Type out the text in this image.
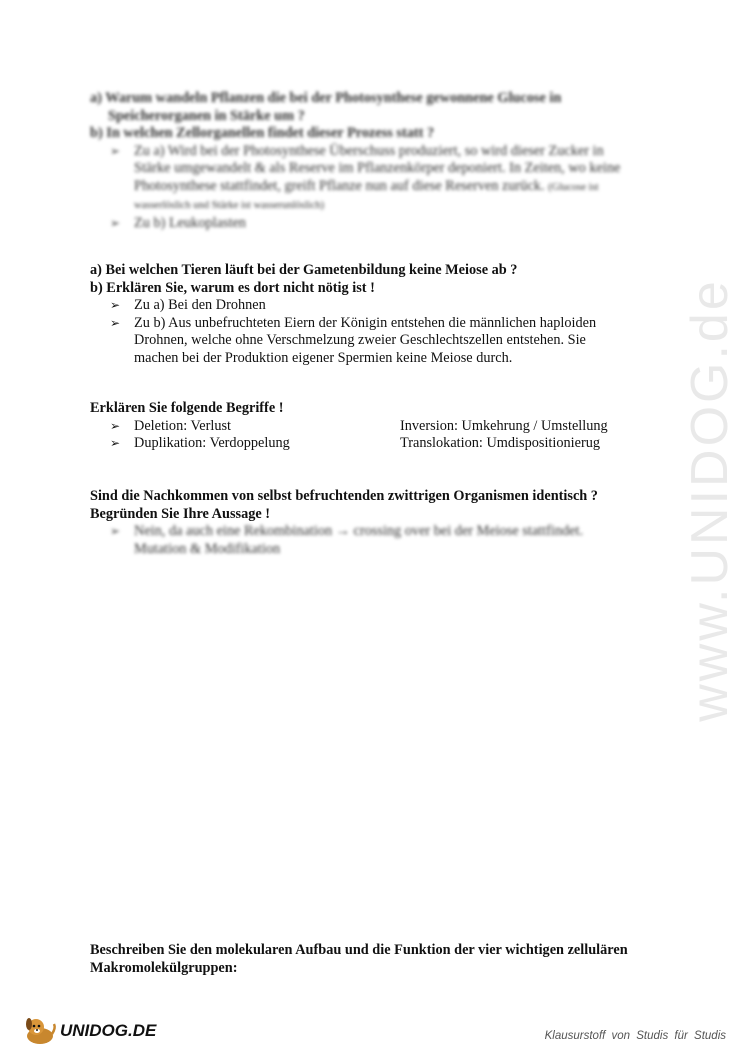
www.UNIDOG.de

a) Warum wandeln Pflanzen die bei der Photosynthese gewonnene Glucose in

Speicherorganen in Stärke um ?

b) In welchen Zellorganellen findet dieser Prozess statt ?

➢ Zu a) Wird bei der Photosynthese Überschuss produziert, so wird dieser Zucker in
Stärke umgewandelt & als Reserve im Pflanzenkörper deponiert. In Zeiten, wo keine
Photosynthese stattfindet, greift Pflanze nun auf diese Reserven zurück. (Glucose ist
wasserlöslich und Stärke ist wasserunlöslich)
➢ Zu b) Leukoplasten

a) Bei welchen Tieren läuft bei der Gametenbildung keine Meiose ab ?

b) Erklären Sie, warum es dort nicht nötig ist !

➢ Zu a) Bei den Drohnen
➢ Zu b) Aus unbefruchteten Eiern der Königin entstehen die männlichen haploiden
Drohnen, welche ohne Verschmelzung zweier Geschlechtszellen entstehen. Sie
machen bei der Produktion eigener Spermien keine Meiose durch.

Erklären Sie folgende Begriffe !

➢ Deletion: Verlust	Inversion: Umkehrung / Umstellung
➢ Duplikation: Verdoppelung	Translokation: Umdispositionierug

Sind die Nachkommen von selbst befruchtenden zwittrigen Organismen identisch ?

Begründen Sie Ihre Aussage !

➢ Nein, da auch eine Rekombination → crossing over bei der Meiose stattfindet.
Mutation & Modifikation

Beschreiben Sie den molekularen Aufbau und die Funktion der vier wichtigen zellulären

Makromolekülgruppen:

UNIDOG.DE	Klausurstoff von Studis für Studis
